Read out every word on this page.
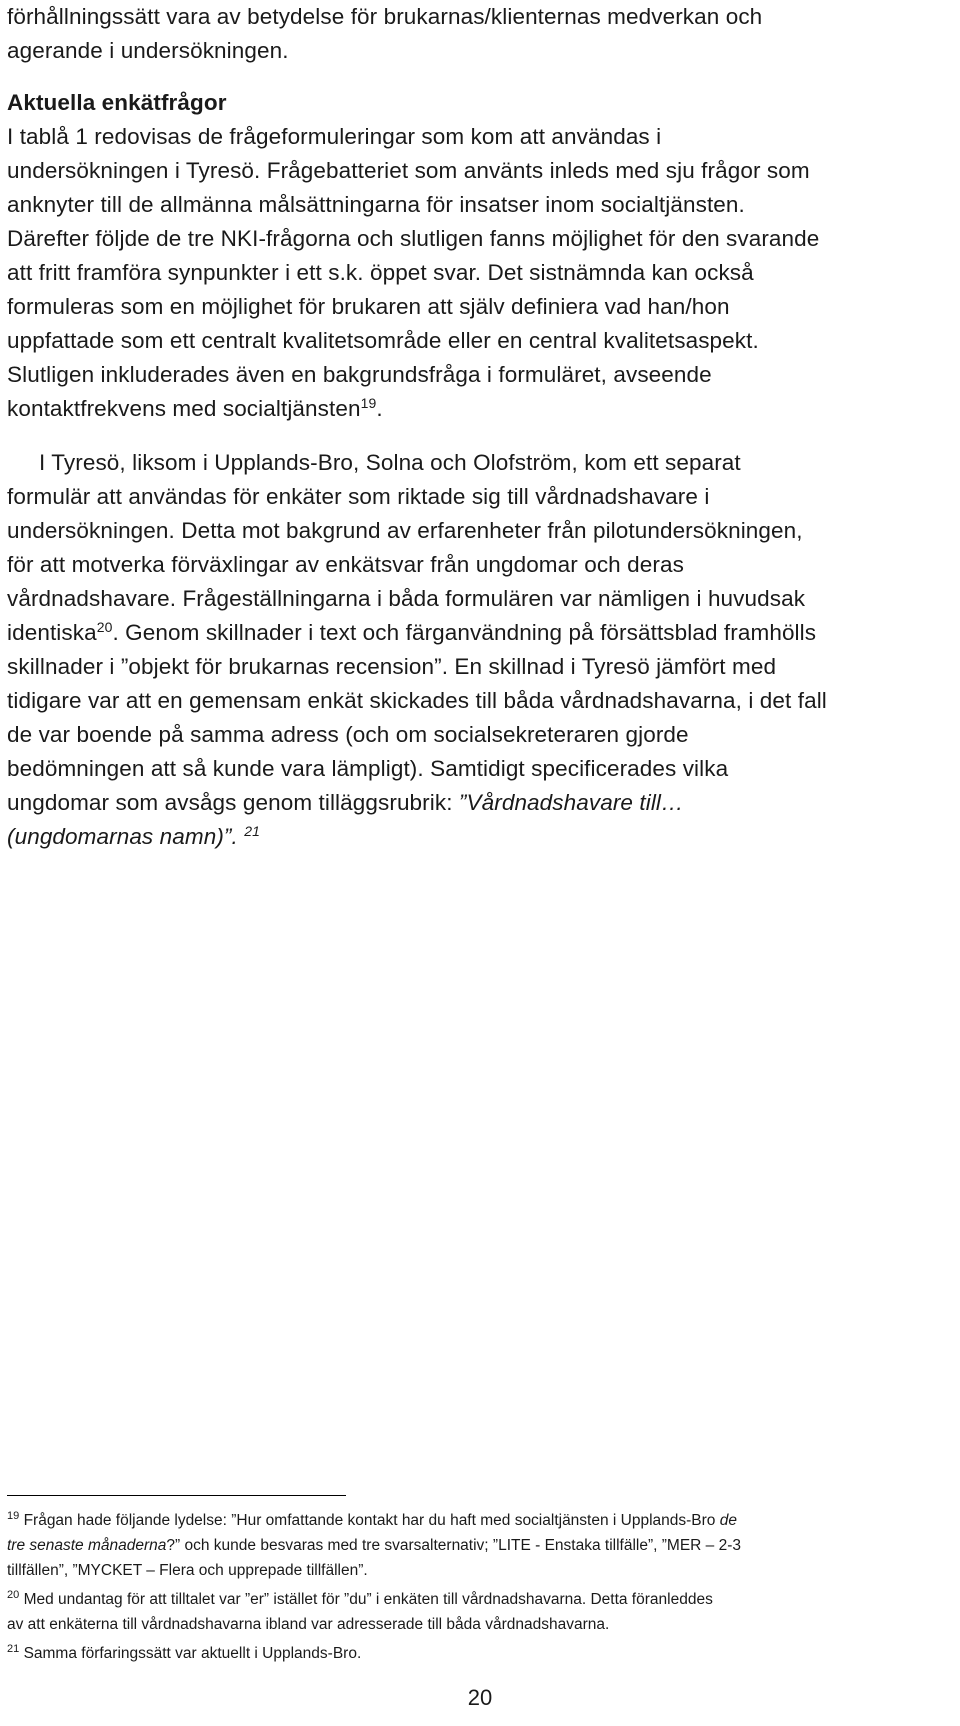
förhållningssätt vara av betydelse för brukarnas/klienternas medverkan och
agerande i undersökningen.
Aktuella enkätfrågor
I tablå 1 redovisas de frågeformuleringar som kom att användas i
undersökningen i Tyresö. Frågebatteriet som använts inleds med sju frågor som
anknyter till de allmänna målsättningarna för insatser inom socialtjänsten.
Därefter följde de tre NKI-frågorna och slutligen fanns möjlighet för den svarande
att fritt framföra synpunkter i ett s.k. öppet svar. Det sistnämnda kan också
formuleras som en möjlighet för brukaren att själv definiera vad han/hon
uppfattade som ett centralt kvalitetsområde eller en central kvalitetsaspekt.
Slutligen inkluderades även en bakgrundsfråga i formuläret, avseende
kontaktfrekvens med socialtjänsten$^{19}$.
I Tyresö, liksom i Upplands-Bro, Solna och Olofström, kom ett separat
formulär att användas för enkäter som riktade sig till vårdnadshavare i
undersökningen. Detta mot bakgrund av erfarenheter från pilotundersökningen,
för att motverka förväxlingar av enkätsvar från ungdomar och deras
vårdnadshavare. Frågeställningarna i båda formulären var nämligen i huvudsak
identiska$^{20}$. Genom skillnader i text och färganvändning på försättsblad framhölls
skillnader i ”objekt för brukarnas recension”. En skillnad i Tyresö jämfört med
tidigare var att en gemensam enkät skickades till båda vårdnadshavarna, i det fall
de var boende på samma adress (och om socialsekreteraren gjorde
bedömningen att så kunde vara lämpligt). Samtidigt specificerades vilka
ungdomar som avsågs genom tilläggsrubrik: ”Vårdnadshavare till…
(ungdomarnas namn)”. $^{21}$
$^{19}$ Frågan hade följande lydelse: ”Hur omfattande kontakt har du haft med socialtjänsten i Upplands-Bro de
tre senaste månaderna?” och kunde besvaras med tre svarsalternativ; ”LITE - Enstaka tillfälle”, ”MER – 2-3
tillfällen”, ”MYCKET – Flera och upprepade tillfällen”.
$^{20}$ Med undantag för att tilltalet var ”er” istället för ”du” i enkäten till vårdnadshavarna. Detta föranleddes
av att enkäterna till vårdnadshavarna ibland var adresserade till båda vårdnadshavarna.
$^{21}$ Samma förfaringssätt var aktuellt i Upplands-Bro.
20
